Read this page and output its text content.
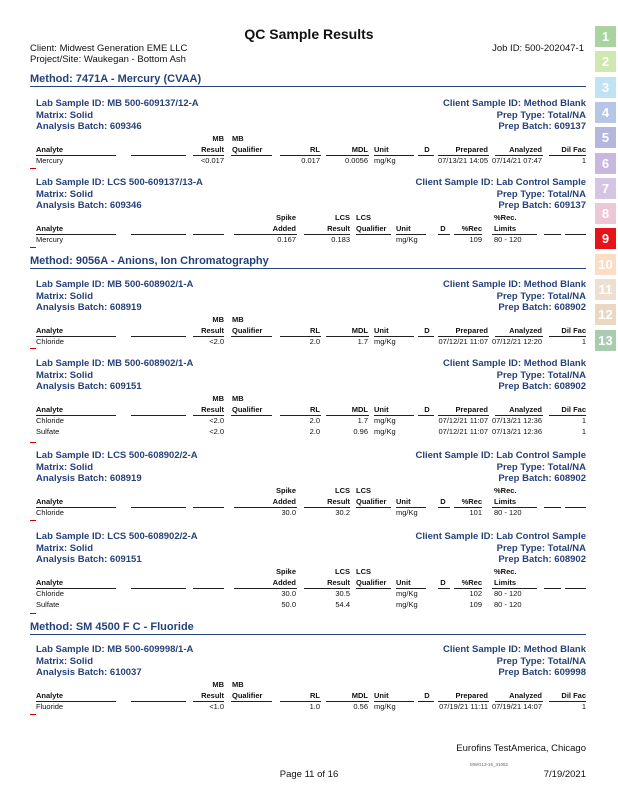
QC Sample Results
Client: Midwest Generation EME LLC
Project/Site: Waukegan - Bottom Ash
Job ID: 500-202047-1
Method: 7471A - Mercury (CVAA)
Method: 9056A - Anions, Ion Chromatography
Method: SM 4500 F C - Fluoride
Lab Sample ID: MB 500-609137/12-A
Matrix: Solid
Analysis Batch: 609346
Client Sample ID: Method Blank
Prep Type: Total/NA
Prep Batch: 609137
MB MB
Analyte	Result Qualifier	RL	MDL Unit	D	Prepared	Analyzed	Dil Fac
Mercury	<0.017	0.017	0.0056 mg/Kg	07/13/21 14:05 07/14/21 07:47	1
Lab Sample ID: LCS 500-609137/13-A
Matrix: Solid
Analysis Batch: 609346
Client Sample ID: Lab Control Sample
Prep Type: Total/NA
Prep Batch: 609137
Spike	LCS LCS	%Rec.
Analyte	Added	Result Qualifier	Unit	D	%Rec Limits
Mercury	0.167	0.183	mg/Kg	109 80 - 120
Lab Sample ID: MB 500-608902/1-A
Matrix: Solid
Analysis Batch: 608919
Client Sample ID: Method Blank
Prep Type: Total/NA
Prep Batch: 608902
MB MB
Analyte	Result Qualifier	RL	MDL Unit	D	Prepared	Analyzed	Dil Fac
Chloride	<2.0	2.0	1.7 mg/Kg	07/12/21 11:07 07/12/21 12:20	1
Lab Sample ID: MB 500-608902/1-A
Matrix: Solid
Analysis Batch: 609151
Client Sample ID: Method Blank
Prep Type: Total/NA
Prep Batch: 608902
MB MB
Analyte	Result Qualifier	RL	MDL Unit	D	Prepared	Analyzed	Dil Fac
Chloride	<2.0	2.0	1.7 mg/Kg	07/12/21 11:07 07/13/21 12:36	1
Sulfate	<2.0	2.0	0.96 mg/Kg	07/12/21 11:07 07/13/21 12:36	1
Lab Sample ID: LCS 500-608902/2-A
Matrix: Solid
Analysis Batch: 608919
Client Sample ID: Lab Control Sample
Prep Type: Total/NA
Prep Batch: 608902
Spike	LCS LCS	%Rec.
Analyte	Added	Result Qualifier	Unit	D	%Rec Limits
Chloride	30.0	30.2	mg/Kg	101 80 - 120
Lab Sample ID: LCS 500-608902/2-A
Matrix: Solid
Analysis Batch: 609151
Client Sample ID: Lab Control Sample
Prep Type: Total/NA
Prep Batch: 608902
Spike	LCS LCS	%Rec.
Analyte	Added	Result Qualifier	Unit	D	%Rec Limits
Chloride	30.0	30.5	mg/Kg	102 80 - 120
Sulfate	50.0	54.4	mg/Kg	109 80 - 120
Lab Sample ID: MB 500-609998/1-A
Matrix: Solid
Analysis Batch: 610037
Client Sample ID: Method Blank
Prep Type: Total/NA
Prep Batch: 609998
MB MB
Analyte	Result Qualifier	RL	MDL Unit	D	Prepared	Analyzed	Dil Fac
Fluoride	<1.0	1.0	0.56 mg/Kg	07/19/21 11:11 07/19/21 14:07	1
1
2
3
4
5
6
7
8
9
10
11
12
13
Eurofins TestAmerica, Chicago
MWG13-15_31052
Page 11 of 16	7/19/2021
